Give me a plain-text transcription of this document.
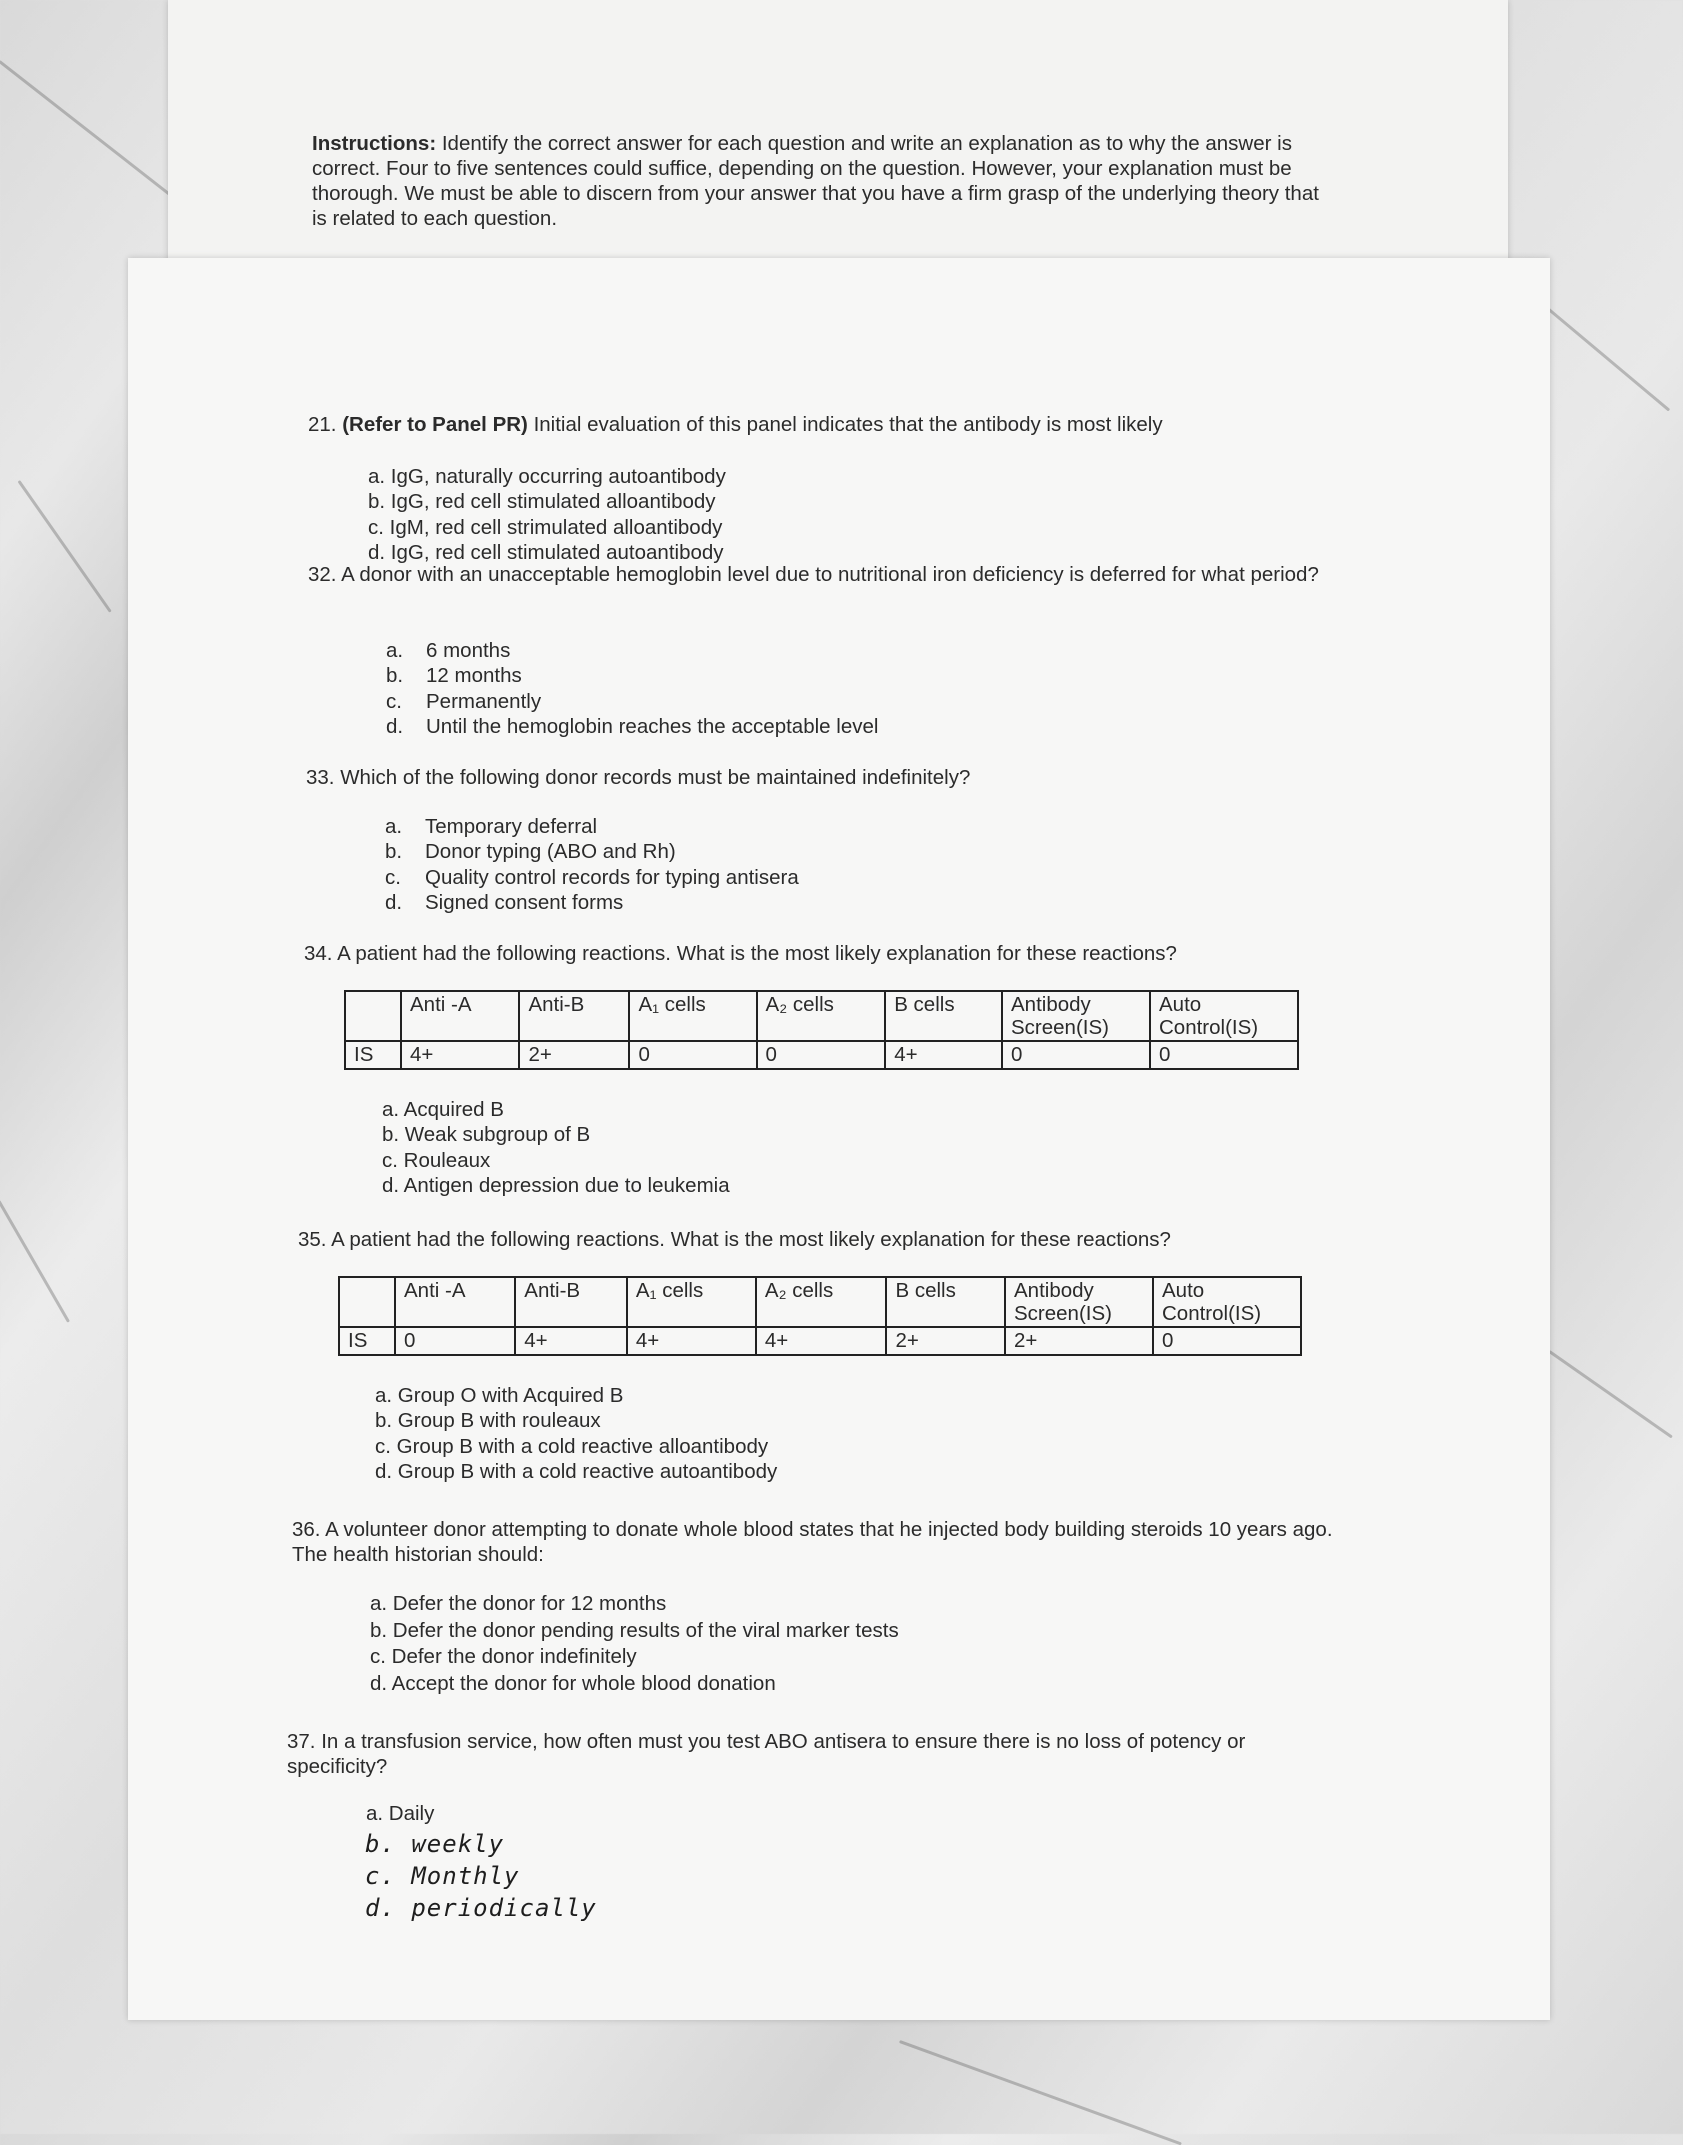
Instructions: Identify the correct answer for each question and write an explanation as to why the answer is correct. Four to five sentences could suffice, depending on the question. However, your explanation must be thorough. We must be able to discern from your answer that you have a firm grasp of the underlying theory that is related to each question.
21. (Refer to Panel PR) Initial evaluation of this panel indicates that the antibody is most likely
a. IgG, naturally occurring autoantibody
b. IgG, red cell stimulated alloantibody
c. IgM, red cell strimulated alloantibody
d. IgG, red cell stimulated autoantibody
32. A donor with an unacceptable hemoglobin level due to nutritional iron deficiency is deferred for what period?
a. 6 months
b. 12 months
c. Permanently
d. Until the hemoglobin reaches the acceptable level
33. Which of the following donor records must be maintained indefinitely?
a. Temporary deferral
b. Donor typing (ABO and Rh)
c. Quality control records for typing antisera
d. Signed consent forms
34. A patient had the following reactions. What is the most likely explanation for these reactions?
	Anti -A	Anti-B	A₁ cells	A₂ cells	B cells	Antibody Screen(IS)	Auto Control(IS)
IS	4+	2+	0	0	4+	0	0
a. Acquired B
b. Weak subgroup of B
c. Rouleaux
d. Antigen depression due to leukemia
35. A patient had the following reactions. What is the most likely explanation for these reactions?
	Anti -A	Anti-B	A₁ cells	A₂ cells	B cells	Antibody Screen(IS)	Auto Control(IS)
IS	0	4+	4+	4+	2+	2+	0
a. Group O with Acquired B
b. Group B with rouleaux
c. Group B with a cold reactive alloantibody
d. Group B with a cold reactive autoantibody
36. A volunteer donor attempting to donate whole blood states that he injected body building steroids 10 years ago. The health historian should:
a. Defer the donor for 12 months
b. Defer the donor pending results of the viral marker tests
c. Defer the donor indefinitely
d. Accept the donor for whole blood donation
37. In a transfusion service, how often must you test ABO antisera to ensure there is no loss of potency or specificity?
a. Daily
b. weekly
c. Monthly
d. periodically
